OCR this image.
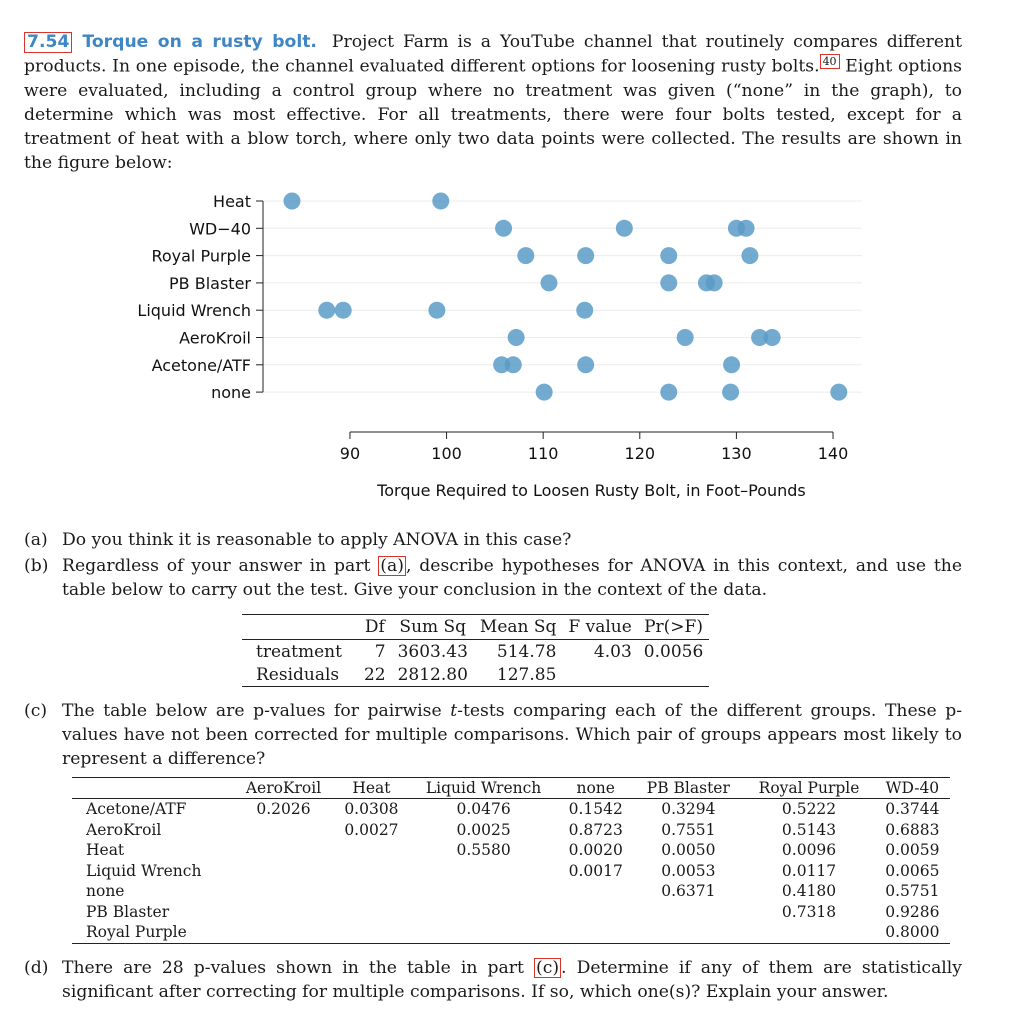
7.54 Torque on a rusty bolt. Project Farm is a YouTube channel that routinely compares different products. In one episode, the channel evaluated different options for loosening rusty bolts. 40 Eight options were evaluated, including a control group where no treatment was given (“none” in the graph), to determine which was most effective. For all treatments, there were four bolts tested, except for a treatment of heat with a blow torch, where only two data points were collected. The results are shown in the figure below:
Heat
WD−40
Royal Purple
PB Blaster
Liquid Wrench
AeroKroil
Acetone/ATF
none
90	100	110	120	130	140
Torque Required to Loosen Rusty Bolt, in Foot–Pounds
(a) Do you think it is reasonable to apply ANOVA in this case?
(b) Regardless of your answer in part (a) , describe hypotheses for ANOVA in this context, and use the table below to carry out the test. Give your conclusion in the context of the data.
	Df	Sum Sq	Mean Sq	F value	Pr(>F)
treatment	7	3603.43	514.78	4.03	0.0056
Residuals	22	2812.80	127.85		
(c) The table below are p-values for pairwise t-tests comparing each of the different groups. These p-values have not been corrected for multiple comparisons. Which pair of groups appears most likely to represent a difference?
	AeroKroil	Heat	Liquid Wrench	none	PB Blaster	Royal Purple	WD-40
Acetone/ATF	0.2026	0.0308	0.0476	0.1542	0.3294	0.5222	0.3744
AeroKroil		0.0027	0.0025	0.8723	0.7551	0.5143	0.6883
Heat			0.5580	0.0020	0.0050	0.0096	0.0059
Liquid Wrench				0.0017	0.0053	0.0117	0.0065
none					0.6371	0.4180	0.5751
PB Blaster						0.7318	0.9286
Royal Purple							0.8000
(d) There are 28 p-values shown in the table in part (c) . Determine if any of them are statistically significant after correcting for multiple comparisons. If so, which one(s)? Explain your answer.
